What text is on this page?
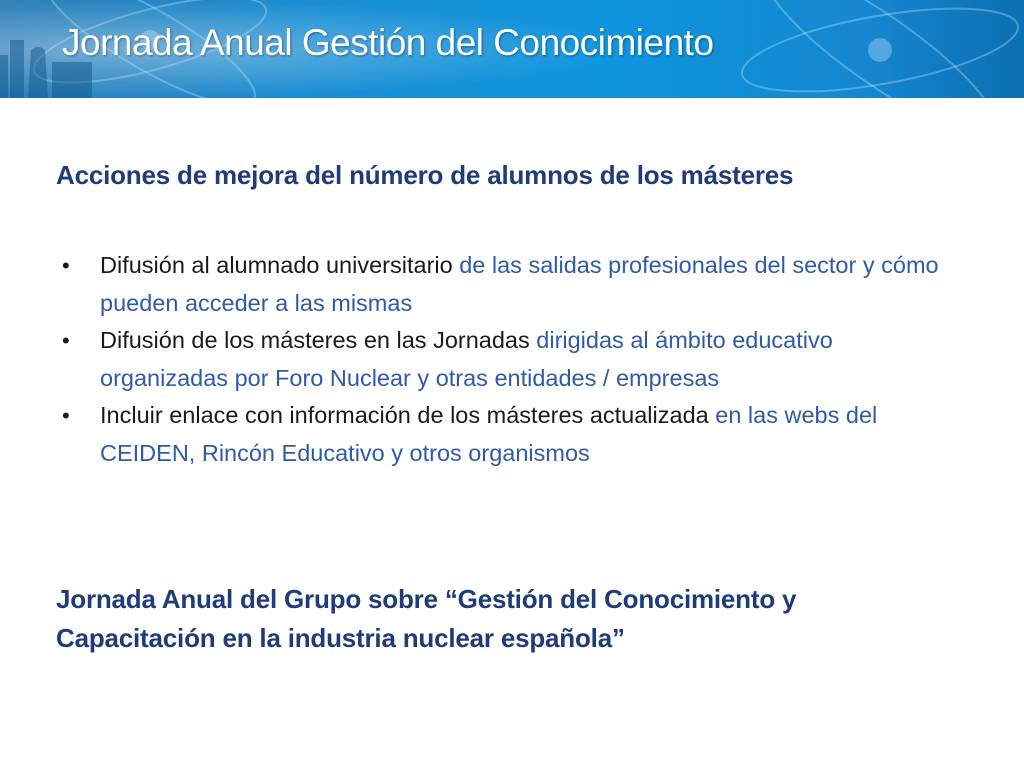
Jornada Anual Gestión del Conocimiento
Acciones de mejora del número de alumnos de los másteres
• Difusión al alumnado universitario de las salidas profesionales del sector y cómo pueden acceder a las mismas
• Difusión de los másteres en las Jornadas dirigidas al ámbito educativo organizadas por Foro Nuclear y otras entidades / empresas
• Incluir enlace con información de los másteres actualizada en las webs del CEIDEN, Rincón Educativo y otros organismos

Jornada Anual del Grupo sobre “Gestión del Conocimiento y Capacitación en la industria nuclear española”
